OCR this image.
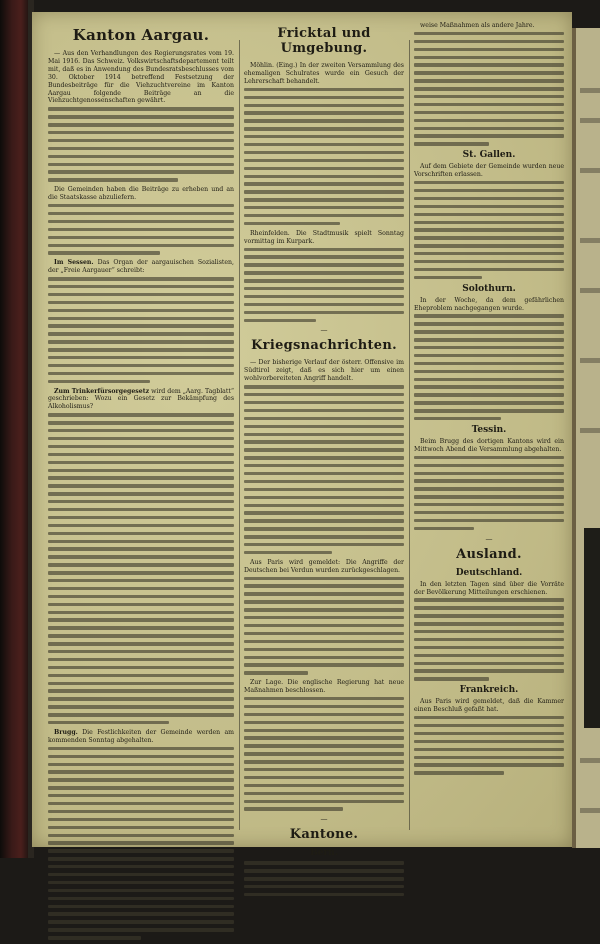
Kanton Aargau.
— Aus den Verhandlungen des Regierungsrates vom 19. Mai 1916. Das Schweiz. Volkswirtschaftsdepartement teilt mit, daß es in Anwendung des Bundesratsbeschlusses vom 30. Oktober 1914 betreffend Festsetzung der Bundesbeiträge für die Viehzuchtvereine im Kanton Aargau folgende Beiträge an die Viehzuchtgenossenschaften gewährt.
Die Gemeinden haben die Beiträge zu erheben und an die Staatskasse abzuliefern.
Im Sessen. Das Organ der aargauischen Sozialisten, der „Freie Aargauer“ schreibt:
Zum Trinkerfürsorgegesetz wird dem „Aarg. Tagblatt“ geschrieben: Wozu ein Gesetz zur Bekämpfung des Alkoholismus?
Brugg. Die Festlichkeiten der Gemeinde werden am kommenden Sonntag abgehalten.
Fricktal und Umgebung.
Möhlin. (Eing.) In der zweiten Versammlung des ehemaligen Schulrates wurde ein Gesuch der Lehrerschaft behandelt.
Rheinfelden. Die Stadtmusik spielt Sonntag vormittag im Kurpark.
—
Kriegsnachrichten.
— Der bisherige Verlauf der österr. Offensive im Südtirol zeigt, daß es sich hier um einen wohlvorbereiteten Angriff handelt.
Aus Paris wird gemeldet: Die Angriffe der Deutschen bei Verdun wurden zurückgeschlagen.
Zur Lage. Die englische Regierung hat neue Maßnahmen beschlossen.
—
Kantone.
Bern.
weise Maßnahmen als andere Jahre.
St. Gallen.
Auf dem Gebiete der Gemeinde wurden neue Vorschriften erlassen.
Solothurn.
In der Woche, da dem gefährlichen Eheproblem nachgegangen wurde.
Tessin.
Beim Brugg des dortigen Kantons wird ein Mittwoch Abend die Versammlung abgehalten.
—
Ausland.
Deutschland.
In den letzten Tagen sind über die Vorräte der Bevölkerung Mitteilungen erschienen.
Frankreich.
Aus Paris wird gemeldet, daß die Kammer einen Beschluß gefaßt hat.
